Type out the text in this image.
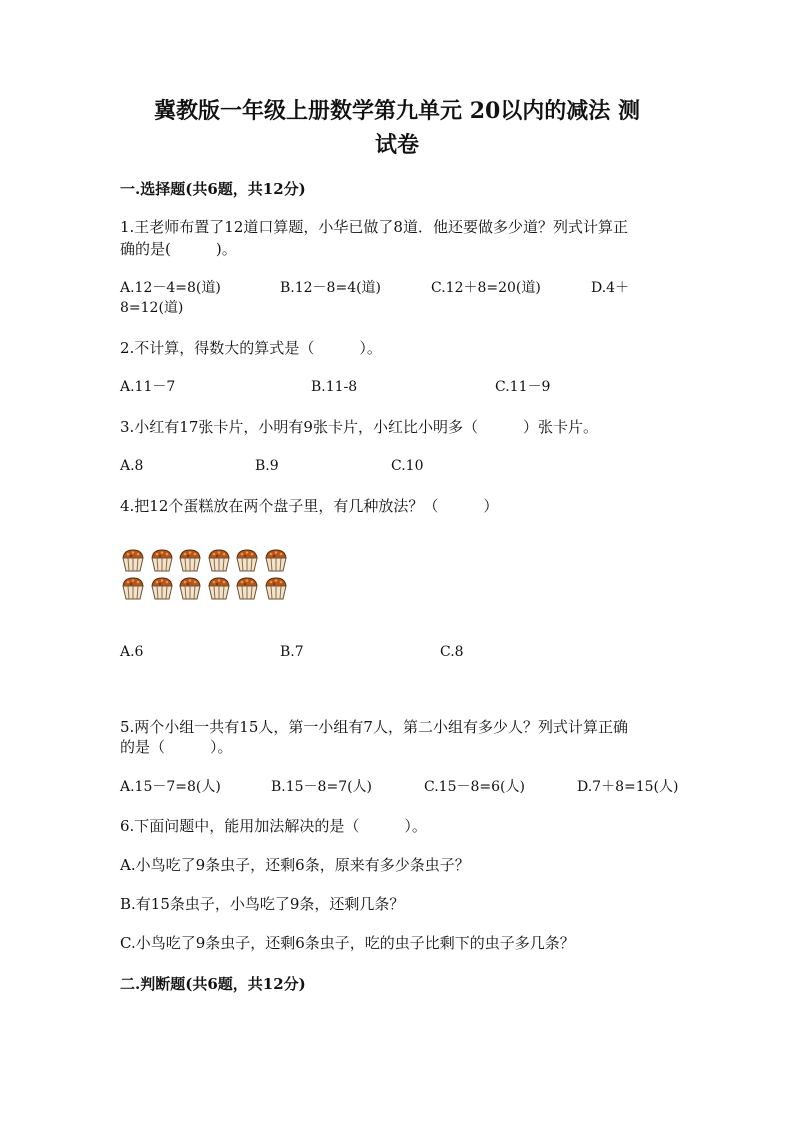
冀教版一年级上册数学第九单元 20以内的减法 测
试卷
一.选择题(共6题，共12分)
1.王老师布置了12道口算题，小华已做了8道．他还要做多少道？列式计算正
确的是(　　　)。
A.12－4=8(道)	B.12－8=4(道)	C.12＋8=20(道)	D.4＋
8=12(道)
2.不计算，得数大的算式是（　　　）。
A.11－7	B.11-8	C.11－9
3.小红有17张卡片，小明有9张卡片，小红比小明多（　　　）张卡片。
A.8	B.9	C.10
4.把12个蛋糕放在两个盘子里，有几种放法？（　　　）
A.6	B.7	C.8
5.两个小组一共有15人，第一小组有7人，第二小组有多少人？列式计算正确
的是（　　　）。
A.15－7=8(人)	B.15－8=7(人)	C.15－8=6(人)	D.7＋8=15(人)
6.下面问题中，能用加法解决的是（　　　）。
A.小鸟吃了9条虫子，还剩6条，原来有多少条虫子？
B.有15条虫子，小鸟吃了9条，还剩几条？
C.小鸟吃了9条虫子，还剩6条虫子，吃的虫子比剩下的虫子多几条？
二.判断题(共6题，共12分)
